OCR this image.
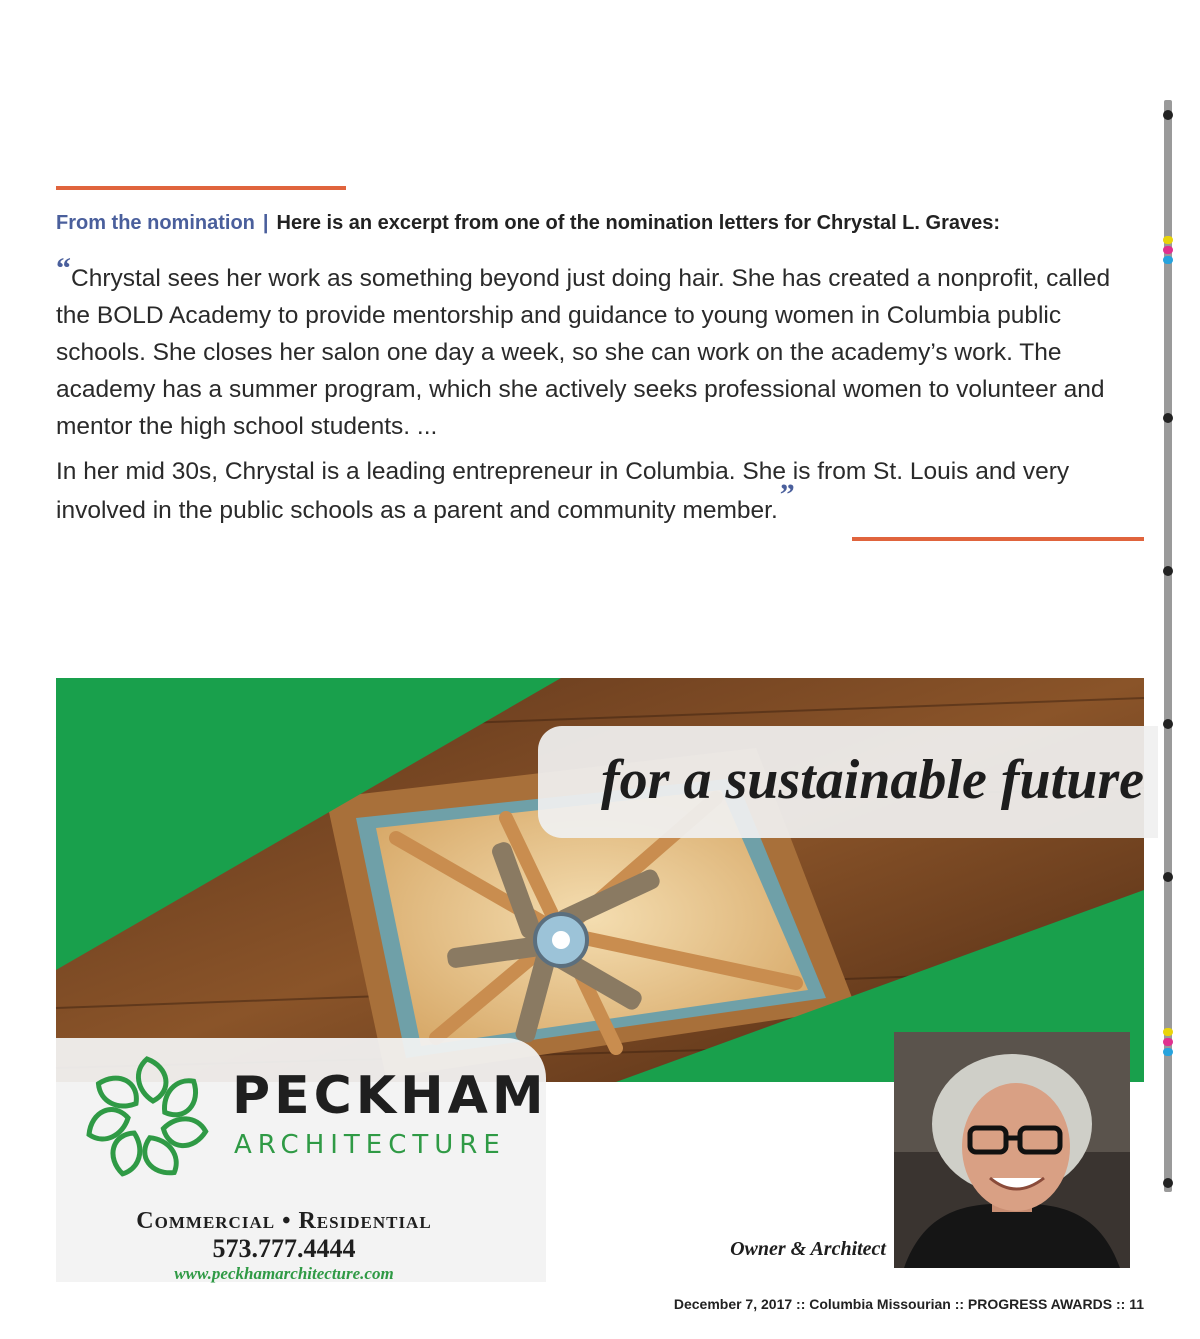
From the nomination | Here is an excerpt from one of the nomination letters for Chrystal L. Graves:

“Chrystal sees her work as something beyond just doing hair. She has created a nonprofit, called the BOLD Academy to provide mentorship and guidance to young women in Columbia public schools. She closes her salon one day a week, so she can work on the academy’s work. The academy has a summer program, which she actively seeks professional women to volunteer and mentor the high school students. ...

In her mid 30s, Chrystal is a leading entrepreneur in Columbia. She is from St. Louis and very involved in the public schools as a parent and community member.”

for a sustainable future
PECKHAM
ARCHITECTURE
Commercial • Residential
573.777.4444
www.peckhamarchitecture.com
Nick Peckham,
Owner & Architect
December 7, 2017 :: Columbia Missourian :: PROGRESS AWARDS :: 11
